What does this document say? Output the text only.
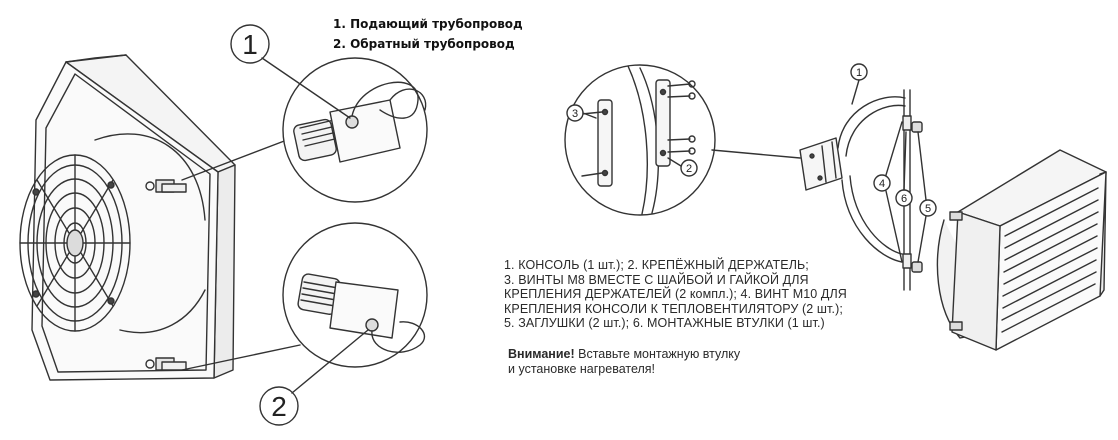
1
2
1
2
3
4
5
6
1. Подающий трубопровод
2. Обратный трубопровод
1. КОНСОЛЬ (1 шт.); 2. КРЕПЁЖНЫЙ ДЕРЖАТЕЛЬ;
3. ВИНТЫ М8 ВМЕСТЕ С ШАЙБОЙ И ГАЙКОЙ ДЛЯ
КРЕПЛЕНИЯ ДЕРЖАТЕЛЕЙ (2 компл.); 4. ВИНТ М10 ДЛЯ
КРЕПЛЕНИЯ КОНСОЛИ К ТЕПЛОВЕНТИЛЯТОРУ (2 шт.);
5. ЗАГЛУШКИ (2 шт.); 6. МОНТАЖНЫЕ ВТУЛКИ (1 шт.)
Внимание! Вставьте монтажную втулку
и установке нагревателя!
